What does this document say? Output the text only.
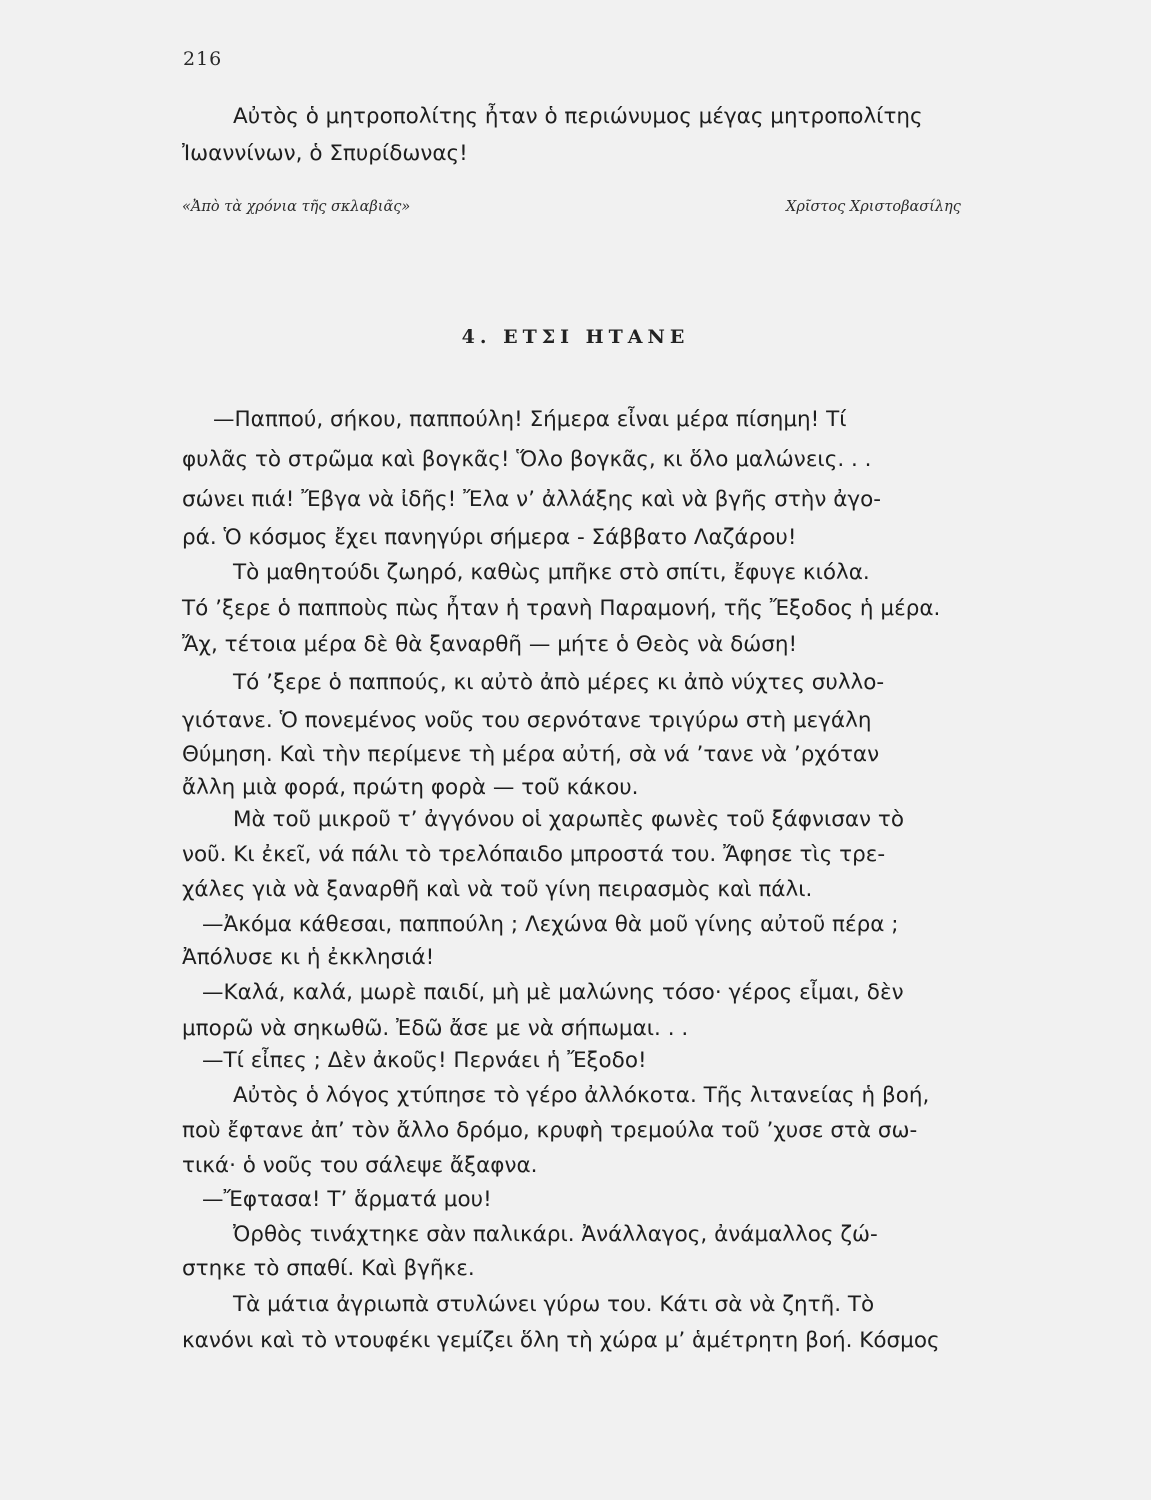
216
Αὐτὸς ὁ μητροπολίτης ἦταν ὁ περιώνυμος μέγας μητροπολίτης
Ἰωαννίνων, ὁ Σπυρίδωνας!
«Ἀπὸ τὰ χρόνια τῆς σκλαβιᾶς»	Χρῖστος Χριστοβασίλης
4. ΕΤΣΙ ΗΤΑΝΕ
—Παππού, σήκου, παππούλη! Σήμερα εἶναι μέρα πίσημη! Τί
φυλᾶς τὸ στρῶμα καὶ βογκᾶς! Ὅλο βογκᾶς, κι ὅλο μαλώνεις. . .
σώνει πιά! Ἔβγα νὰ ἰδῆς! Ἔλα ν’ ἀλλάξης καὶ νὰ βγῆς στὴν ἀγο-
ρά. Ὁ κόσμος ἔχει πανηγύρι σήμερα - Σάββατο Λαζάρου!
Τὸ μαθητούδι ζωηρό, καθὼς μπῆκε στὸ σπίτι, ἔφυγε κιόλα.
Τό ’ξερε ὁ παπποὺς πὼς ἦταν ἡ τρανὴ Παραμονή, τῆς Ἔξοδος ἡ μέρα.
Ἄχ, τέτοια μέρα δὲ θὰ ξαναρθῆ — μήτε ὁ Θεὸς νὰ δώση!
Τό ’ξερε ὁ παππούς, κι αὐτὸ ἀπὸ μέρες κι ἀπὸ νύχτες συλλο-
γιότανε. Ὁ πονεμένος νοῦς του σερνότανε τριγύρω στὴ μεγάλη
Θύμηση. Καὶ τὴν περίμενε τὴ μέρα αὐτή, σὰ νά ’τανε νὰ ’ρχόταν
ἄλλη μιὰ φορά, πρώτη φορὰ — τοῦ κάκου.
Μὰ τοῦ μικροῦ τ’ ἀγγόνου οἱ χαρωπὲς φωνὲς τοῦ ξάφνισαν τὸ
νοῦ. Κι ἐκεῖ, νά πάλι τὸ τρελόπαιδο μπροστά του. Ἄφησε τὶς τρε-
χάλες γιὰ νὰ ξαναρθῆ καὶ νὰ τοῦ γίνη πειρασμὸς καὶ πάλι.
—Ἀκόμα κάθεσαι, παππούλη ; Λεχώνα θὰ μοῦ γίνης αὐτοῦ πέρα ;
Ἀπόλυσε κι ἡ ἐκκλησιά!
—Καλά, καλά, μωρὲ παιδί, μὴ μὲ μαλώνης τόσο· γέρος εἶμαι, δὲν
μπορῶ νὰ σηκωθῶ. Ἐδῶ ἄσε με νὰ σήπωμαι. . .
—Τί εἶπες ; Δὲν ἀκοῦς! Περνάει ἡ Ἔξοδο!
Αὐτὸς ὁ λόγος χτύπησε τὸ γέρο ἀλλόκοτα. Τῆς λιτανείας ἡ βοή,
ποὺ ἔφτανε ἀπ’ τὸν ἄλλο δρόμο, κρυφὴ τρεμούλα τοῦ ’χυσε στὰ σω-
τικά· ὁ νοῦς του σάλεψε ἄξαφνα.
—Ἔφτασα! Τ’ ἅρματά μου!
Ὀρθὸς τινάχτηκε σὰν παλικάρι. Ἀνάλλαγος, ἀνάμαλλος ζώ-
στηκε τὸ σπαθί. Καὶ βγῆκε.
Τὰ μάτια ἀγριωπὰ στυλώνει γύρω του. Κάτι σὰ νὰ ζητῆ. Τὸ
κανόνι καὶ τὸ ντουφέκι γεμίζει ὅλη τὴ χώρα μ’ ἁμέτρητη βοή. Κόσμος
